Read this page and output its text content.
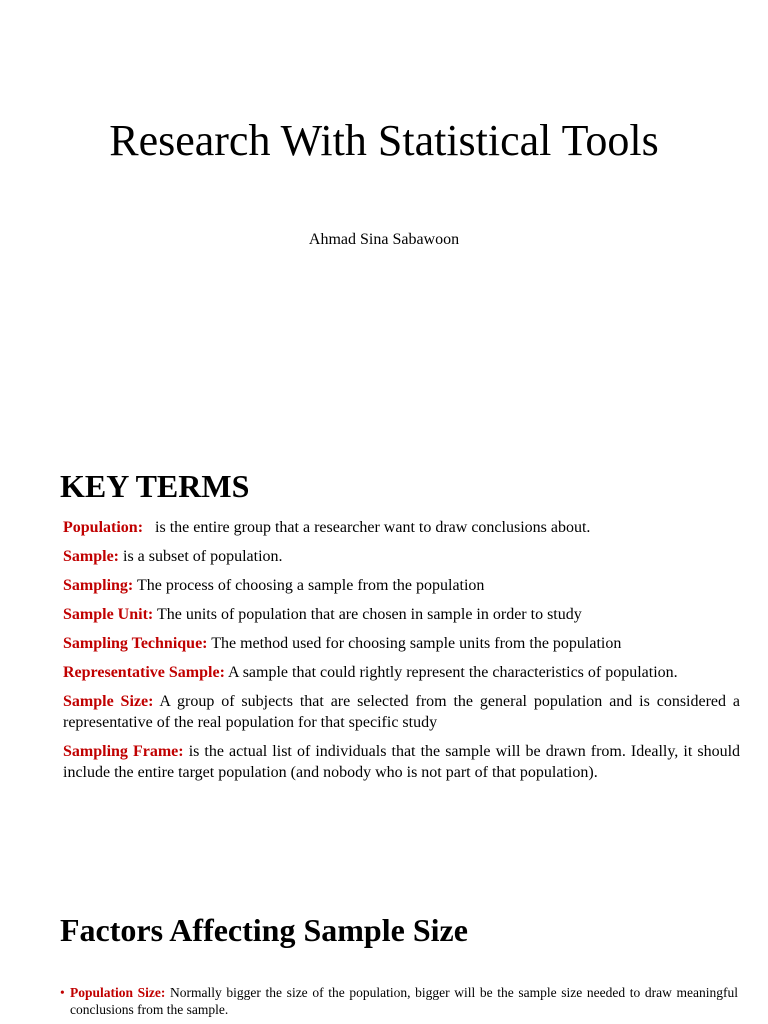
Research With Statistical Tools
Ahmad Sina Sabawoon
KEY TERMS
Population:   is the entire group that a researcher want to draw conclusions about.
Sample: is a subset of population.
Sampling: The process of choosing a sample from the population
Sample Unit: The units of population that are chosen in sample in order to study
Sampling Technique: The method used for choosing sample units from the population
Representative Sample: A sample that could rightly represent the characteristics of population.
Sample Size: A group of subjects that are selected from the general population and is considered a representative of the real population for that specific study
Sampling Frame: is the actual list of individuals that the sample will be drawn from. Ideally, it should include the entire target population (and nobody who is not part of that population).
Factors Affecting Sample Size
• Population Size: Normally bigger the size of the population, bigger will be the sample size needed to draw meaningful conclusions from the sample.
